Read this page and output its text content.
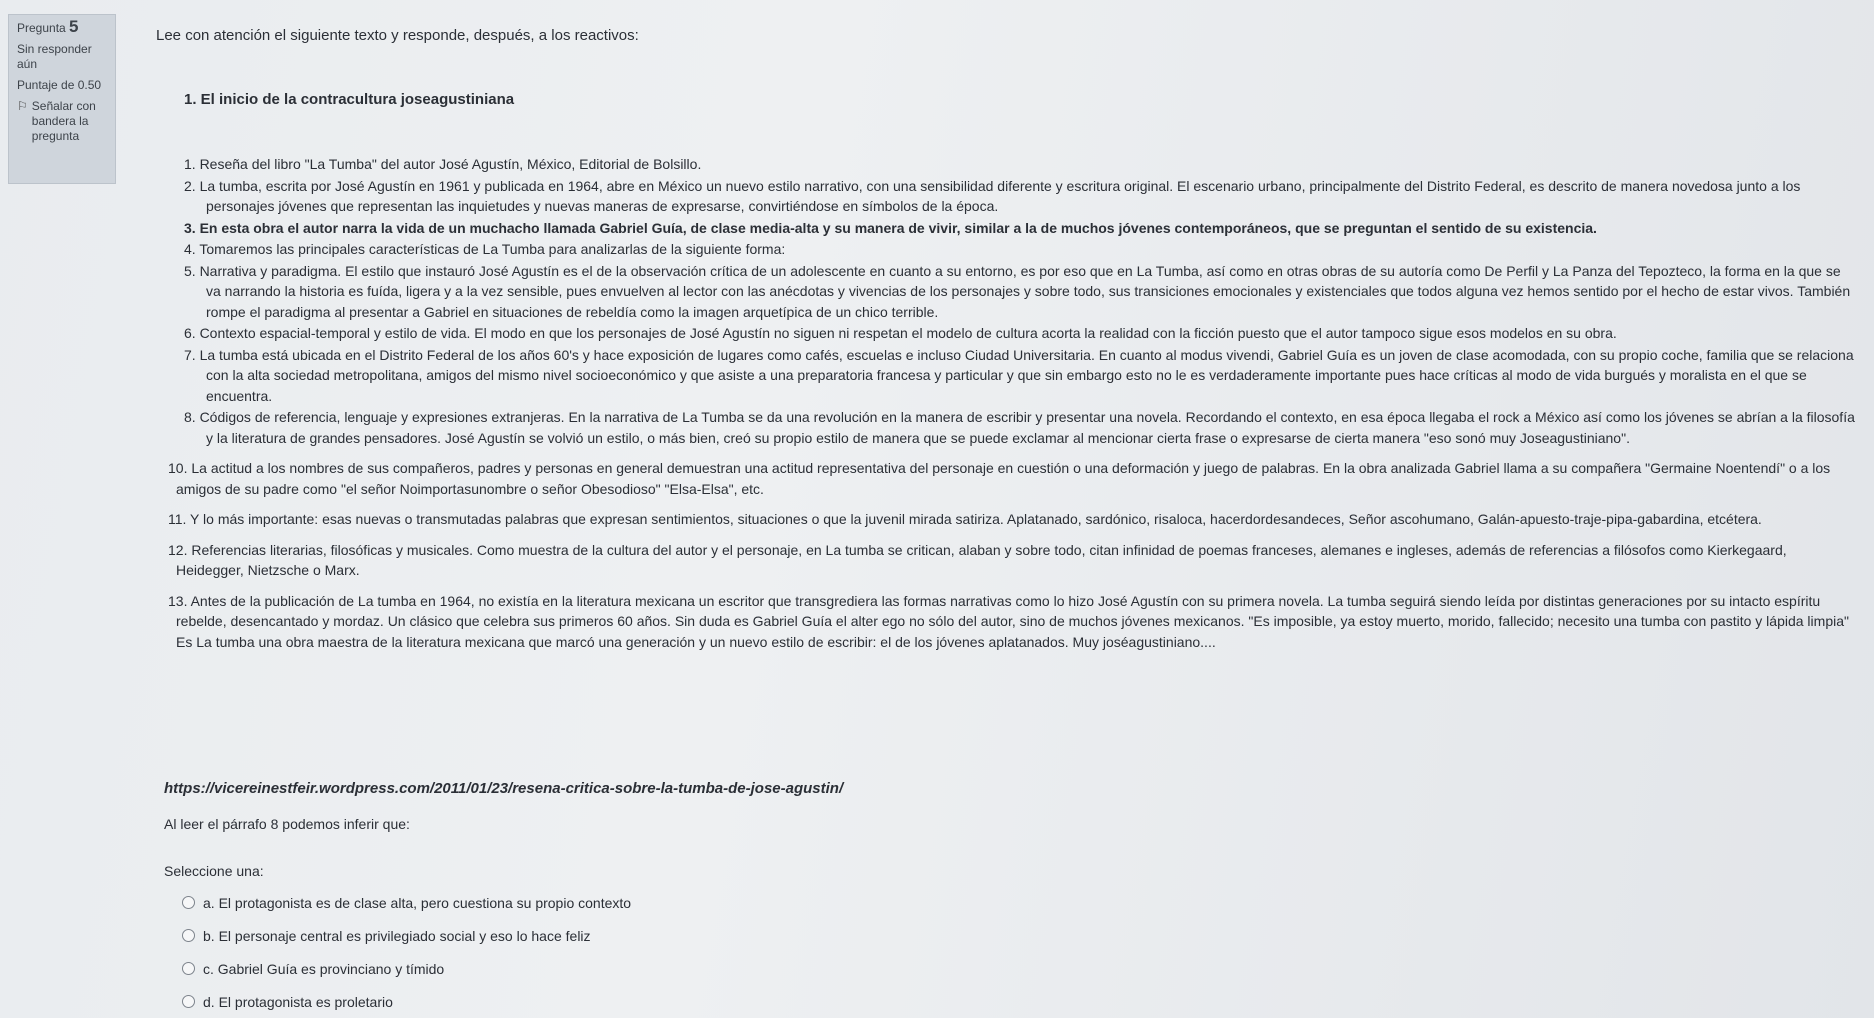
Pregunta 5
Sin responder aún
Puntaje de 0.50
⚐ Señalar con bandera la pregunta
Lee con atención el siguiente texto y responde, después, a los reactivos:
1. El inicio de la contracultura joseagustiniana
1. Reseña del libro "La Tumba" del autor José Agustín, México, Editorial de Bolsillo.
2. La tumba, escrita por José Agustín en 1961 y publicada en 1964, abre en México un nuevo estilo narrativo, con una sensibilidad diferente y escritura original. El escenario urbano, principalmente del Distrito Federal, es descrito de manera novedosa junto a los personajes jóvenes que representan las inquietudes y nuevas maneras de expresarse, convirtiéndose en símbolos de la época.
3. En esta obra el autor narra la vida de un muchacho llamada Gabriel Guía, de clase media-alta y su manera de vivir, similar a la de muchos jóvenes contemporáneos, que se preguntan el sentido de su existencia.
4. Tomaremos las principales características de La Tumba para analizarlas de la siguiente forma:
5. Narrativa y paradigma. El estilo que instauró José Agustín es el de la observación crítica de un adolescente en cuanto a su entorno, es por eso que en La Tumba, así como en otras obras de su autoría como De Perfil y La Panza del Tepozteco, la forma en la que se va narrando la historia es fuída, ligera y a la vez sensible, pues envuelven al lector con las anécdotas y vivencias de los personajes y sobre todo, sus transiciones emocionales y existenciales que todos alguna vez hemos sentido por el hecho de estar vivos. También rompe el paradigma al presentar a Gabriel en situaciones de rebeldía como la imagen arquetípica de un chico terrible.
6. Contexto espacial-temporal y estilo de vida. El modo en que los personajes de José Agustín no siguen ni respetan el modelo de cultura acorta la realidad con la ficción puesto que el autor tampoco sigue esos modelos en su obra.
7. La tumba está ubicada en el Distrito Federal de los años 60's y hace exposición de lugares como cafés, escuelas e incluso Ciudad Universitaria. En cuanto al modus vivendi, Gabriel Guía es un joven de clase acomodada, con su propio coche, familia que se relaciona con la alta sociedad metropolitana, amigos del mismo nivel socioeconómico y que asiste a una preparatoria francesa y particular y que sin embargo esto no le es verdaderamente importante pues hace críticas al modo de vida burgués y moralista en el que se encuentra.
8. Códigos de referencia, lenguaje y expresiones extranjeras. En la narrativa de La Tumba se da una revolución en la manera de escribir y presentar una novela. Recordando el contexto, en esa época llegaba el rock a México así como los jóvenes se abrían a la filosofía y la literatura de grandes pensadores. José Agustín se volvió un estilo, o más bien, creó su propio estilo de manera que se puede exclamar al mencionar cierta frase o expresarse de cierta manera "eso sonó muy Joseagustiniano".
10. La actitud a los nombres de sus compañeros, padres y personas en general demuestran una actitud representativa del personaje en cuestión o una deformación y juego de palabras. En la obra analizada Gabriel llama a su compañera "Germaine Noentendí" o a los amigos de su padre como "el señor Noimportasunombre o señor Obesodioso" "Elsa-Elsa", etc.
11. Y lo más importante: esas nuevas o transmutadas palabras que expresan sentimientos, situaciones o que la juvenil mirada satiriza. Aplatanado, sardónico, risaloca, hacerdordesandeces, Señor ascohumano, Galán-apuesto-traje-pipa-gabardina, etcétera.
12. Referencias literarias, filosóficas y musicales. Como muestra de la cultura del autor y el personaje, en La tumba se critican, alaban y sobre todo, citan infinidad de poemas franceses, alemanes e ingleses, además de referencias a filósofos como Kierkegaard, Heidegger, Nietzsche o Marx.
13. Antes de la publicación de La tumba en 1964, no existía en la literatura mexicana un escritor que transgrediera las formas narrativas como lo hizo José Agustín con su primera novela. La tumba seguirá siendo leída por distintas generaciones por su intacto espíritu rebelde, desencantado y mordaz. Un clásico que celebra sus primeros 60 años. Sin duda es Gabriel Guía el alter ego no sólo del autor, sino de muchos jóvenes mexicanos. "Es imposible, ya estoy muerto, morido, fallecido; necesito una tumba con pastito y lápida limpia" Es La tumba una obra maestra de la literatura mexicana que marcó una generación y un nuevo estilo de escribir: el de los jóvenes aplatanados. Muy joséagustiniano....
https://vicereinestfeir.wordpress.com/2011/01/23/resena-critica-sobre-la-tumba-de-jose-agustin/
Al leer el párrafo 8 podemos inferir que:
Seleccione una:
a. El protagonista es de clase alta, pero cuestiona su propio contexto
b. El personaje central es privilegiado social y eso lo hace feliz
c. Gabriel Guía es provinciano y tímido
d. El protagonista es proletario
